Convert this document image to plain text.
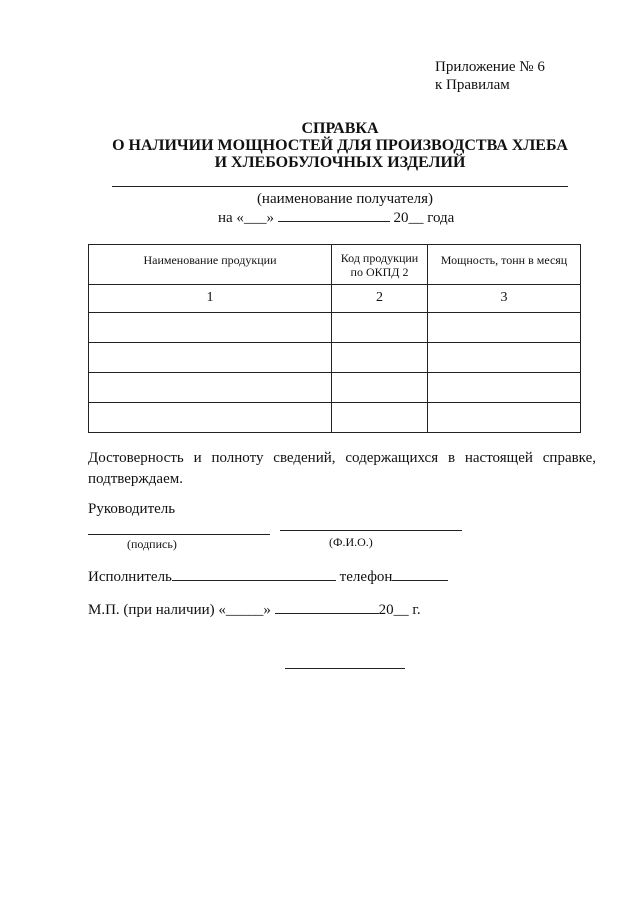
Приложение № 6
к Правилам
СПРАВКА
О НАЛИЧИИ МОЩНОСТЕЙ ДЛЯ ПРОИЗВОДСТВА ХЛЕБА
И ХЛЕБОБУЛОЧНЫХ ИЗДЕЛИЙ
(наименование получателя)
на «___»	20__ года
Наименование продукции	Код продукции по ОКПД 2	Мощность, тонн в месяц
1	2	3

Достоверность и полноту сведений, содержащихся в настоящей справке,
подтверждаем.
Руководитель
(подпись)	(Ф.И.О.)
Исполнитель	телефон
М.П. (при наличии) «_____»	20__ г.
